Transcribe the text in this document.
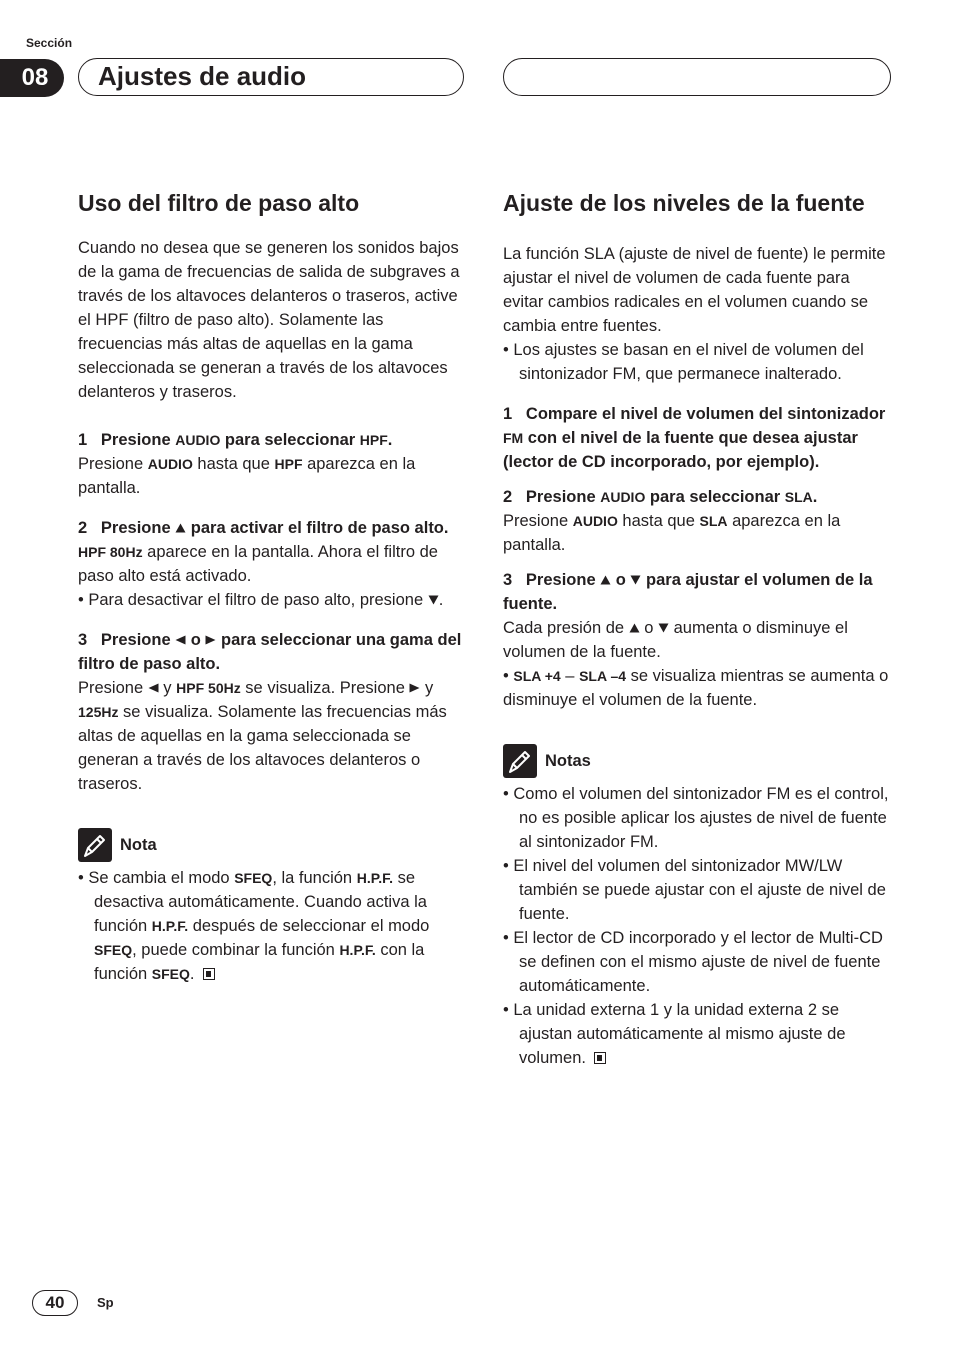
Sección
08	Ajustes de audio
Uso del filtro de paso alto

Cuando no desea que se generen los sonidos bajos de la gama de frecuencias de salida de subgraves a través de los altavoces delanteros o traseros, active el HPF (filtro de paso alto). Solamente las frecuencias más altas de aquellas en la gama seleccionada se generan a través de los altavoces delanteros y traseros.

1   Presione AUDIO para seleccionar HPF.

Presione AUDIO hasta que HPF aparezca en la pantalla.

2   Presione  para activar el filtro de paso alto.

HPF 80Hz aparece en la pantalla. Ahora el filtro de paso alto está activado.

• Para desactivar el filtro de paso alto, presione .

3   Presione  o  para seleccionar una gama del filtro de paso alto.

Presione  y HPF 50Hz se visualiza. Presione  y 125Hz se visualiza. Solamente las frecuencias más altas de aquellas en la gama seleccionada se generan a través de los altavoces delanteros o traseros.

Nota

• Se cambia el modo SFEQ, la función H.P.F. se desactiva automáticamente. Cuando activa la función H.P.F. después de seleccionar el modo SFEQ, puede combinar la función H.P.F. con la función SFEQ.

Ajuste de los niveles de la fuente

La función SLA (ajuste de nivel de fuente) le permite ajustar el nivel de volumen de cada fuente para evitar cambios radicales en el volumen cuando se cambia entre fuentes.

• Los ajustes se basan en el nivel de volumen del sintonizador FM, que permanece inalterado.

1   Compare el nivel de volumen del sintonizador FM con el nivel de la fuente que desea ajustar (lector de CD incorporado, por ejemplo).

2   Presione AUDIO para seleccionar SLA.

Presione AUDIO hasta que SLA aparezca en la pantalla.

3   Presione  o  para ajustar el volumen de la fuente.

Cada presión de  o  aumenta o disminuye el volumen de la fuente.

• SLA +4 – SLA –4 se visualiza mientras se aumenta o disminuye el volumen de la fuente.

Notas

• Como el volumen del sintonizador FM es el control, no es posible aplicar los ajustes de nivel de fuente al sintonizador FM.

• El nivel del volumen del sintonizador MW/LW también se puede ajustar con el ajuste de nivel de fuente.

• El lector de CD incorporado y el lector de Multi-CD se definen con el mismo ajuste de nivel de fuente automáticamente.

• La unidad externa 1 y la unidad externa 2 se ajustan automáticamente al mismo ajuste de volumen.

40	Sp
